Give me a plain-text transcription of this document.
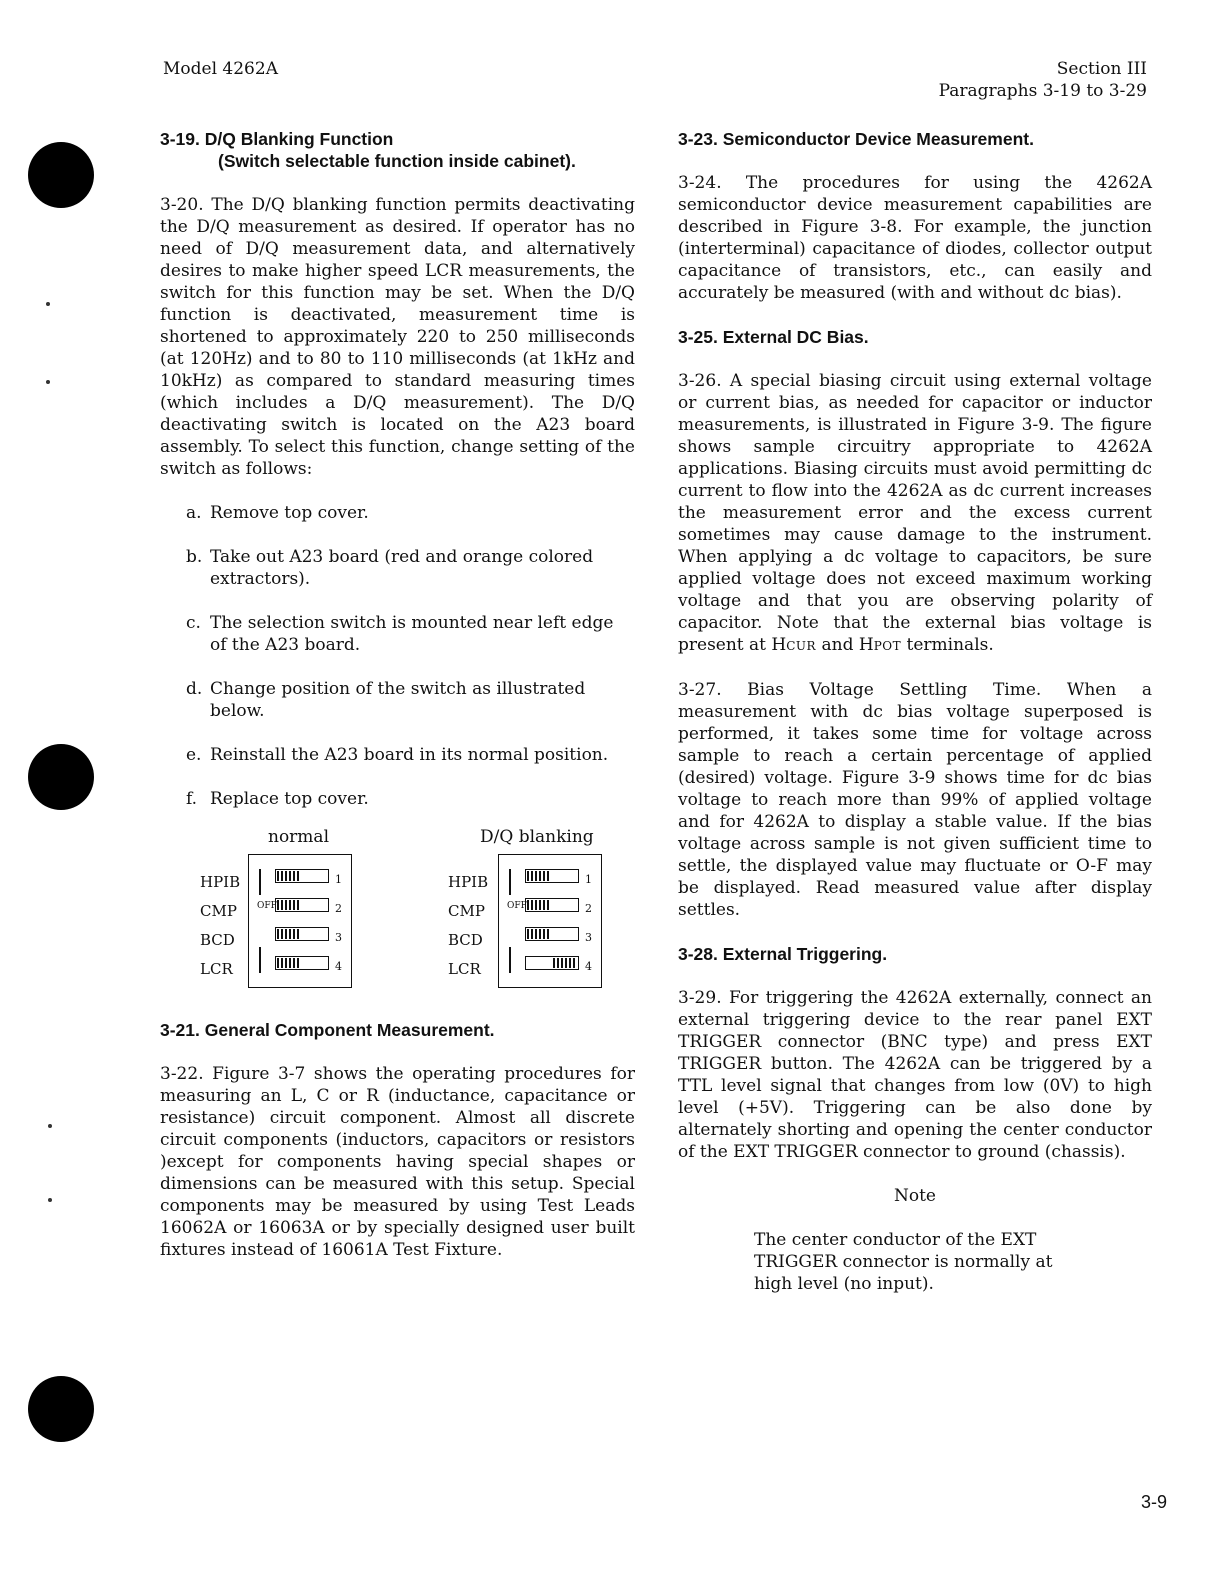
Model 4262A	Section III
Paragraphs 3-19 to 3-29
3-19. D/Q Blanking Function
(Switch selectable function inside cabinet).

3-20. The D/Q blanking function permits deactivating the D/Q measurement as desired. If operator has no need of D/Q measurement data, and alternatively desires to make higher speed LCR measurements, the switch for this function may be set. When the D/Q function is deactivated, measurement time is shortened to approximately 220 to 250 milliseconds (at 120Hz) and to 80 to 110 milliseconds (at 1kHz and 10kHz) as compared to standard measuring times (which includes a D/Q measurement). The D/Q deactivating switch is located on the A23 board assembly. To select this function, change setting of the switch as follows:

a. Remove top cover.
b. Take out A23 board (red and orange colored extractors).
c. The selection switch is mounted near left edge of the A23 board.
d. Change position of the switch as illustrated below.
e. Reinstall the A23 board in its normal position.
f. Replace top cover.
normal
HPIB
CMP
BCD
LCR
OFF
1
2
3
4
D/Q blanking
HPIB
CMP
BCD
LCR
OFF
1
2
3
4
3-21. General Component Measurement.

3-22. Figure 3-7 shows the operating procedures for measuring an L, C or R (inductance, capacitance or resistance) circuit component. Almost all discrete circuit components (inductors, capacitors or resistors )except for components having special shapes or dimensions can be measured with this setup. Special components may be measured by using Test Leads 16062A or 16063A or by specially designed user built fixtures instead of 16061A Test Fixture.

3-23. Semiconductor Device Measurement.

3-24. The procedures for using the 4262A semiconductor device measurement capabilities are described in Figure 3-8. For example, the junction (interterminal) capacitance of diodes, collector output capacitance of transistors, etc., can easily and accurately be measured (with and without dc bias).

3-25. External DC Bias.

3-26. A special biasing circuit using external voltage or current bias, as needed for capacitor or inductor measurements, is illustrated in Figure 3-9. The figure shows sample circuitry appropriate to 4262A applications. Biasing circuits must avoid permitting dc current to flow into the 4262A as dc current increases the measurement error and the excess current sometimes may cause damage to the instrument. When applying a dc voltage to capacitors, be sure applied voltage does not exceed maximum working voltage and that you are observing polarity of capacitor. Note that the external bias voltage is present at HCUR and HPOT terminals.

3-27. Bias Voltage Settling Time. When a measurement with dc bias voltage superposed is performed, it takes some time for voltage across sample to reach a certain percentage of applied (desired) voltage. Figure 3-9 shows time for dc bias voltage to reach more than 99% of applied voltage and for 4262A to display a stable value. If the bias voltage across sample is not given sufficient time to settle, the displayed value may fluctuate or O-F may be displayed. Read measured value after display settles.

3-28. External Triggering.

3-29. For triggering the 4262A externally, connect an external triggering device to the rear panel EXT TRIGGER connector (BNC type) and press EXT TRIGGER button. The 4262A can be triggered by a TTL level signal that changes from low (0V) to high level (+5V). Triggering can be also done by alternately shorting and opening the center conductor of the EXT TRIGGER connector to ground (chassis).

Note
The center conductor of the EXT TRIGGER connector is normally at high level (no input).
3-9
